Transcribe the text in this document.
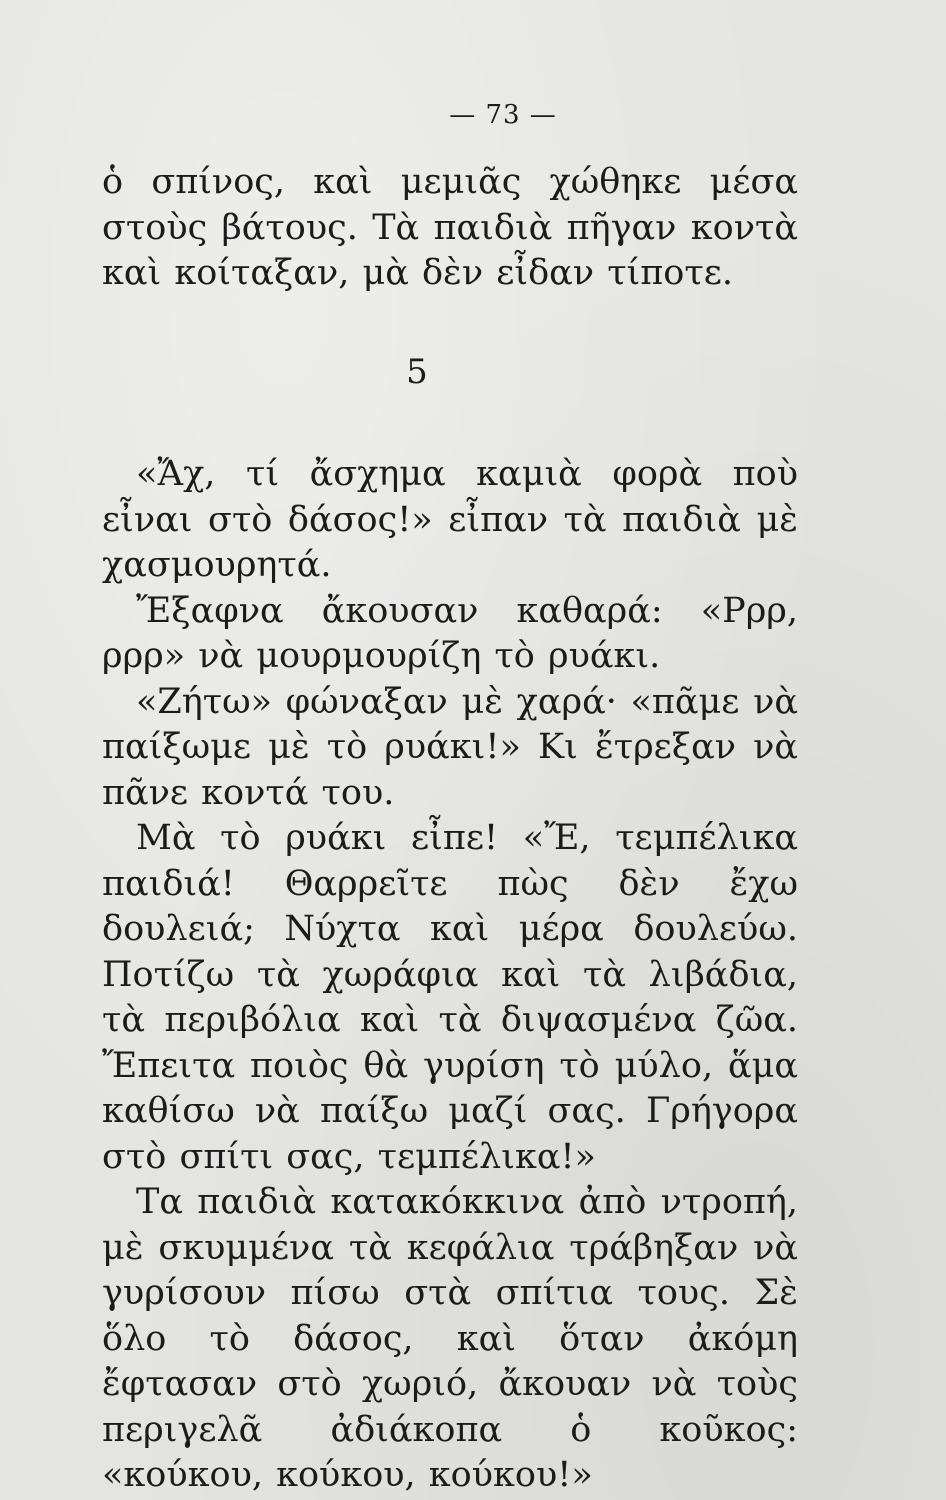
— 73 —

ὁ σπίνος, καὶ μεμιᾶς χώθηκε μέσα στοὺς βάτους. Τὰ παιδιὰ πῆγαν κοντὰ καὶ κοίταξαν, μὰ δὲν εἶδαν τίποτε.

5

«Ἄχ, τί ἄσχημα καμιὰ φορὰ ποὺ εἶναι στὸ δάσος!» εἶπαν τὰ παιδιὰ μὲ χασμουρητά.

Ἔξαφνα ἄκουσαν καθαρά: «Ρρρ, ρρρ» νὰ μουρμουρίζη τὸ ρυάκι.

«Ζήτω» φώναξαν μὲ χαρά· «πᾶμε νὰ παίξωμε μὲ τὸ ρυάκι!» Κι ἔτρεξαν νὰ πᾶνε κοντά του.

Μὰ τὸ ρυάκι εἶπε! «Ἔ, τεμπέλικα παιδιά! Θαρρεῖτε πὼς δὲν ἔχω δουλειά; Νύχτα καὶ μέρα δουλεύω. Ποτίζω τὰ χωράφια καὶ τὰ λιβάδια, τὰ περιβόλια καὶ τὰ διψασμένα ζῶα. Ἔπειτα ποιὸς θὰ γυρίση τὸ μύλο, ἅμα καθίσω νὰ παίξω μαζί σας. Γρήγορα στὸ σπίτι σας, τεμπέλικα!»

Τα παιδιὰ κατακόκκινα ἀπὸ ντροπή, μὲ σκυμμένα τὰ κεφάλια τράβηξαν νὰ γυρίσουν πίσω στὰ σπίτια τους. Σὲ ὅλο τὸ δάσος, καὶ ὅταν ἀκόμη ἔφτασαν στὸ χωριό, ἄκουαν νὰ τοὺς περιγελᾶ ἀδιάκοπα ὁ κοῦκος: «κούκου, κούκου, κούκου!»
